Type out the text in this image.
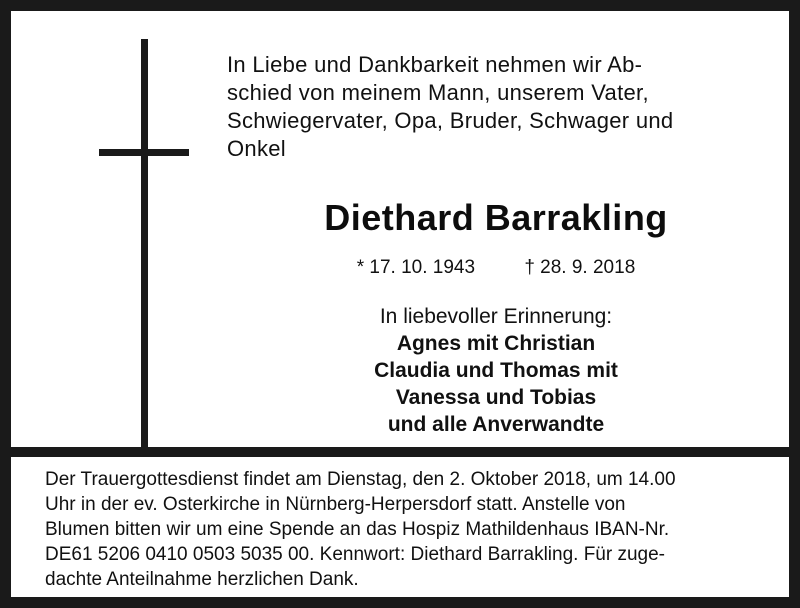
In Liebe und Dankbarkeit nehmen wir Ab-
schied von meinem Mann, unserem Vater,
Schwiegervater, Opa, Bruder, Schwager und
Onkel
Diethard Barrakling
* 17. 10. 1943	† 28. 9. 2018
In liebevoller Erinnerung:
Agnes mit Christian
Claudia und Thomas mit
Vanessa und Tobias
und alle Anverwandte
Der Trauergottesdienst findet am Dienstag, den 2. Oktober 2018, um 14.00
Uhr in der ev. Osterkirche in Nürnberg-Herpersdorf statt. Anstelle von
Blumen bitten wir um eine Spende an das Hospiz Mathildenhaus IBAN-Nr.
DE61 5206 0410 0503 5035 00. Kennwort: Diethard Barrakling. Für zuge-
dachte Anteilnahme herzlichen Dank.
